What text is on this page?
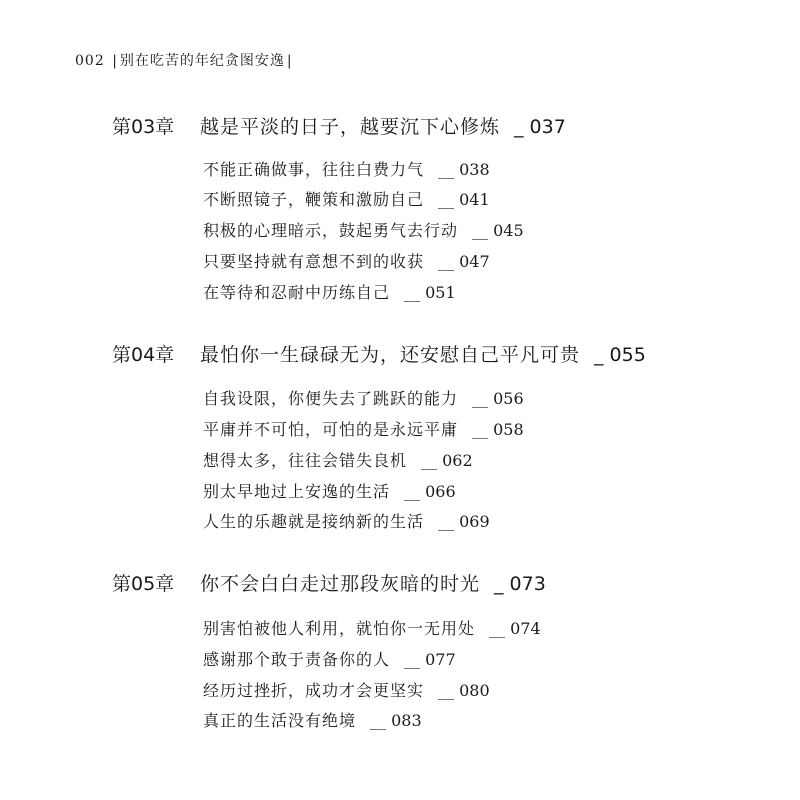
002 | 别在吃苦的年纪贪图安逸 |
第03章 越是平淡的日子，越要沉下心修炼 _ 037
不能正确做事，往往白费力气 __ 038
不断照镜子，鞭策和激励自己 __ 041
积极的心理暗示，鼓起勇气去行动 __ 045
只要坚持就有意想不到的收获 __ 047
在等待和忍耐中历练自己 __ 051
第04章 最怕你一生碌碌无为，还安慰自己平凡可贵 _ 055
自我设限，你便失去了跳跃的能力 __ 056
平庸并不可怕，可怕的是永远平庸 __ 058
想得太多，往往会错失良机 __ 062
别太早地过上安逸的生活 __ 066
人生的乐趣就是接纳新的生活 __ 069
第05章 你不会白白走过那段灰暗的时光 _ 073
别害怕被他人利用，就怕你一无用处 __ 074
感谢那个敢于责备你的人 __ 077
经历过挫折，成功才会更坚实 __ 080
真正的生活没有绝境 __ 083
